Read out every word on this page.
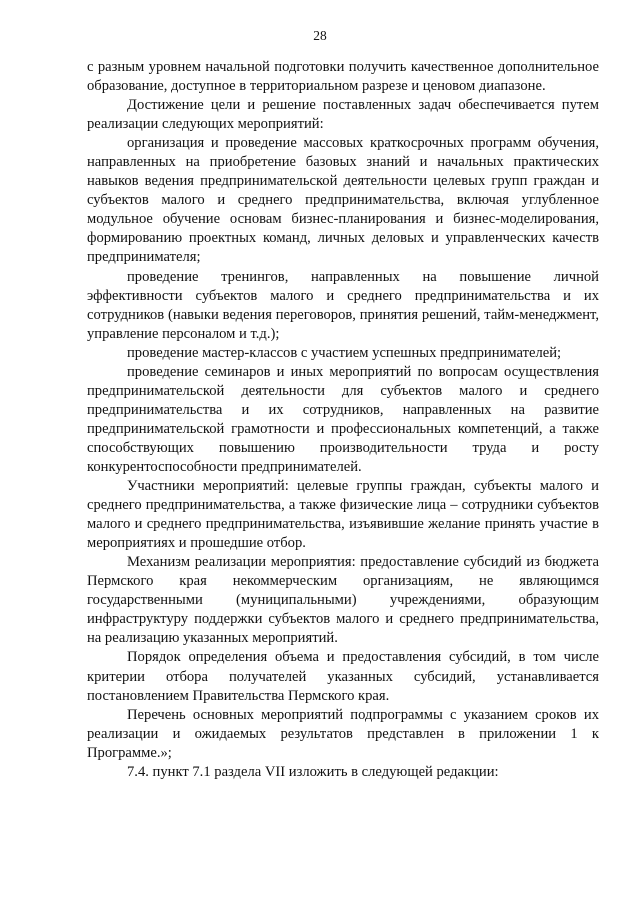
28

с разным уровнем начальной подготовки получить качественное дополнительное образование, доступное в территориальном разрезе и ценовом диапазоне.

Достижение цели и решение поставленных задач обеспечивается путем реализации следующих мероприятий:

организация и проведение массовых краткосрочных программ обучения, направленных на приобретение базовых знаний и начальных практических навыков ведения предпринимательской деятельности целевых групп граждан и субъектов малого и среднего предпринимательства, включая углубленное модульное обучение основам бизнес-планирования и бизнес-моделирования, формированию проектных команд, личных деловых и управленческих качеств предпринимателя;

проведение тренингов, направленных на повышение личной эффективности субъектов малого и среднего предпринимательства и их сотрудников (навыки ведения переговоров, принятия решений, тайм-менеджмент, управление персоналом и т.д.);

проведение мастер-классов с участием успешных предпринимателей;

проведение семинаров и иных мероприятий по вопросам осуществления предпринимательской деятельности для субъектов малого и среднего предпринимательства и их сотрудников, направленных на развитие предпринимательской грамотности и профессиональных компетенций, а также способствующих повышению производительности труда и росту конкурентоспособности предпринимателей.

Участники мероприятий: целевые группы граждан, субъекты малого и среднего предпринимательства, а также физические лица – сотрудники субъектов малого и среднего предпринимательства, изъявившие желание принять участие в мероприятиях и прошедшие отбор.

Механизм реализации мероприятия: предоставление субсидий из бюджета Пермского края некоммерческим организациям, не являющимся государственными (муниципальными) учреждениями, образующим инфраструктуру поддержки субъектов малого и среднего предпринимательства, на реализацию указанных мероприятий.

Порядок определения объема и предоставления субсидий, в том числе критерии отбора получателей указанных субсидий, устанавливается постановлением Правительства Пермского края.

Перечень основных мероприятий подпрограммы с указанием сроков их реализации и ожидаемых результатов представлен в приложении 1 к Программе.»;

7.4. пункт 7.1 раздела VII изложить в следующей редакции:
